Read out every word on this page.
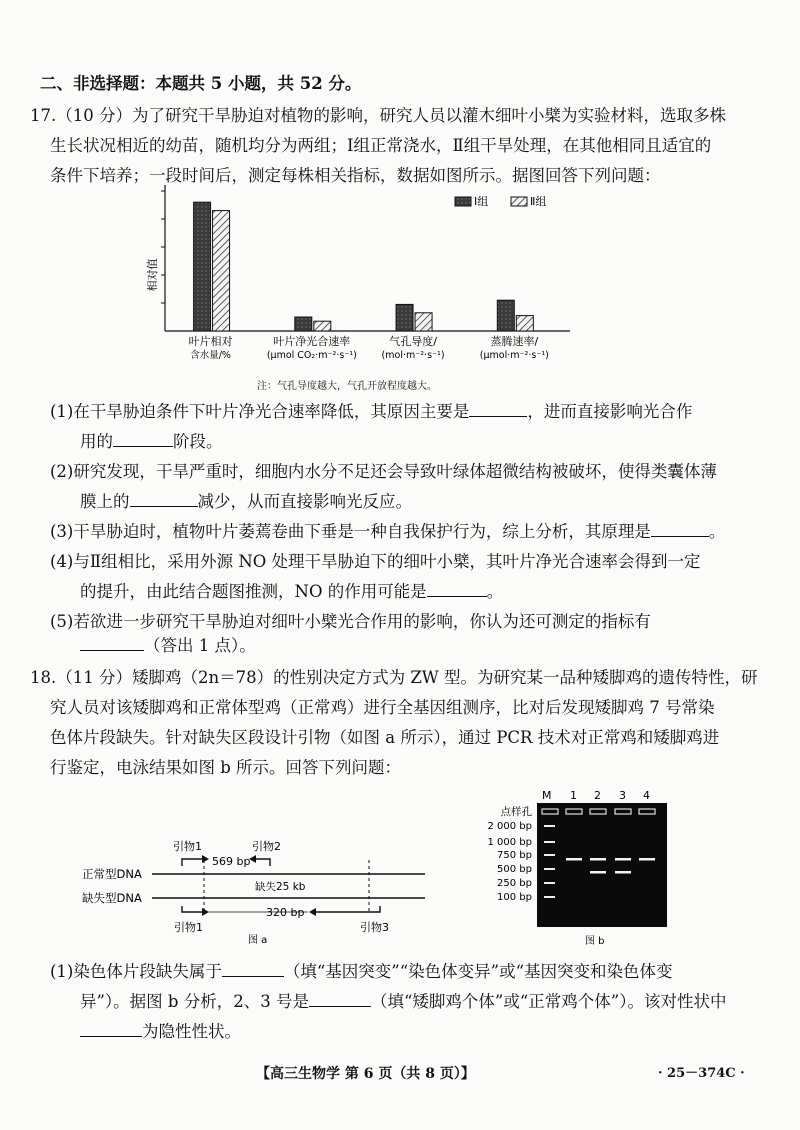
二、非选择题：本题共 5 小题，共 52 分。
17.（10 分）为了研究干旱胁迫对植物的影响，研究人员以灌木细叶小檗为实验材料，选取多株
生长状况相近的幼苗，随机均分为两组；Ⅰ组正常浇水，Ⅱ组干旱处理，在其他相同且适宜的
条件下培养；一段时间后，测定每株相关指标，数据如图所示。据图回答下列问题：
相对值
叶片相对
含水量/%
叶片净光合速率
(μmol CO₂·m⁻²·s⁻¹)
气孔导度/
(mol·m⁻²·s⁻¹)
蒸腾速率/
(μmol·m⁻²·s⁻¹)
Ⅰ组	Ⅱ组
注：气孔导度越大，气孔开放程度越大。
(1)在干旱胁迫条件下叶片净光合速率降低，其原因主要是	，进而直接影响光合作
用的	阶段。
(2)研究发现，干旱严重时，细胞内水分不足还会导致叶绿体超微结构被破坏，使得类囊体薄
膜上的	减少，从而直接影响光反应。
(3)干旱胁迫时，植物叶片萎蔫卷曲下垂是一种自我保护行为，综上分析，其原理是	。
(4)与Ⅱ组相比，采用外源 NO 处理干旱胁迫下的细叶小檗，其叶片净光合速率会得到一定
的提升，由此结合题图推测，NO 的作用可能是	。
(5)若欲进一步研究干旱胁迫对细叶小檗光合作用的影响，你认为还可测定的指标有
（答出 1 点）。
18.（11 分）矮脚鸡（2n＝78）的性别决定方式为 ZW 型。为研究某一品种矮脚鸡的遗传特性，研
究人员对该矮脚鸡和正常体型鸡（正常鸡）进行全基因组测序，比对后发现矮脚鸡 7 号常染
色体片段缺失。针对缺失区段设计引物（如图 a 所示），通过 PCR 技术对正常鸡和矮脚鸡进
行鉴定，电泳结果如图 b 所示。回答下列问题：
正常型DNA
缺失型DNA
引物1	引物2
569 bp
缺失25 kb
320 bp
引物1	引物3
图 a
M 1 2 3 4
点样孔
2 000 bp
1 000 bp
750 bp
500 bp
250 bp
100 bp
图 b
(1)染色体片段缺失属于	（填“基因突变”“染色体变异”或“基因突变和染色体变
异”）。据图 b 分析，2、3 号是	（填“矮脚鸡个体”或“正常鸡个体”）。该对性状中
为隐性性状。
【高三生物学 第 6 页（共 8 页）】	· 25－374C ·
